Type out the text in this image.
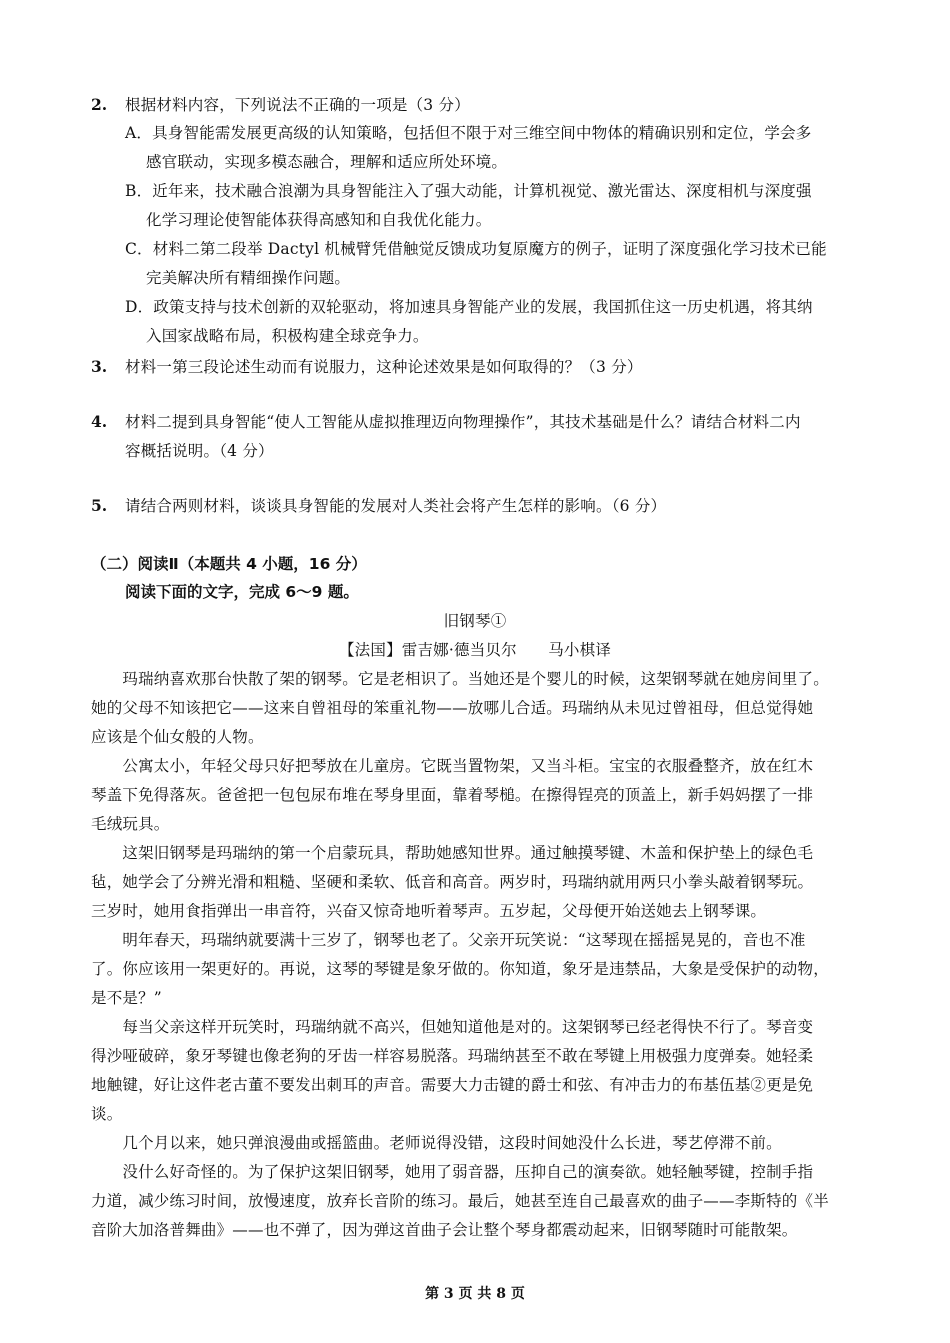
2. 根据材料内容，下列说法不正确的一项是（3 分）
A．具身智能需发展更高级的认知策略，包括但不限于对三维空间中物体的精确识别和定位，学会多
感官联动，实现多模态融合，理解和适应所处环境。
B．近年来，技术融合浪潮为具身智能注入了强大动能，计算机视觉、激光雷达、深度相机与深度强
化学习理论使智能体获得高感知和自我优化能力。
C．材料二第二段举 Dactyl 机械臂凭借触觉反馈成功复原魔方的例子，证明了深度强化学习技术已能
完美解决所有精细操作问题。
D．政策支持与技术创新的双轮驱动，将加速具身智能产业的发展，我国抓住这一历史机遇，将其纳
入国家战略布局，积极构建全球竞争力。
3. 材料一第三段论述生动而有说服力，这种论述效果是如何取得的？（3 分）
4. 材料二提到具身智能“使人工智能从虚拟推理迈向物理操作”，其技术基础是什么？请结合材料二内
容概括说明。（4 分）
5. 请结合两则材料，谈谈具身智能的发展对人类社会将产生怎样的影响。（6 分）
（二）阅读Ⅱ（本题共 4 小题，16 分）
阅读下面的文字，完成 6～9 题。
旧钢琴①
【法国】雷吉娜·德当贝尔　　马小棋译
　　玛瑞纳喜欢那台快散了架的钢琴。它是老相识了。当她还是个婴儿的时候，这架钢琴就在她房间里了。
她的父母不知该把它——这来自曾祖母的笨重礼物——放哪儿合适。玛瑞纳从未见过曾祖母，但总觉得她
应该是个仙女般的人物。
　　公寓太小，年轻父母只好把琴放在儿童房。它既当置物架，又当斗柜。宝宝的衣服叠整齐，放在红木
琴盖下免得落灰。爸爸把一包包尿布堆在琴身里面，靠着琴槌。在擦得锃亮的顶盖上，新手妈妈摆了一排
毛绒玩具。
　　这架旧钢琴是玛瑞纳的第一个启蒙玩具，帮助她感知世界。通过触摸琴键、木盖和保护垫上的绿色毛
毡，她学会了分辨光滑和粗糙、坚硬和柔软、低音和高音。两岁时，玛瑞纳就用两只小拳头敲着钢琴玩。
三岁时，她用食指弹出一串音符，兴奋又惊奇地听着琴声。五岁起，父母便开始送她去上钢琴课。
　　明年春天，玛瑞纳就要满十三岁了，钢琴也老了。父亲开玩笑说：“这琴现在摇摇晃晃的，音也不准
了。你应该用一架更好的。再说，这琴的琴键是象牙做的。你知道，象牙是违禁品，大象是受保护的动物，
是不是？”
　　每当父亲这样开玩笑时，玛瑞纳就不高兴，但她知道他是对的。这架钢琴已经老得快不行了。琴音变
得沙哑破碎，象牙琴键也像老狗的牙齿一样容易脱落。玛瑞纳甚至不敢在琴键上用极强力度弹奏。她轻柔
地触键，好让这件老古董不要发出刺耳的声音。需要大力击键的爵士和弦、有冲击力的布基伍基②更是免
谈。
　　几个月以来，她只弹浪漫曲或摇篮曲。老师说得没错，这段时间她没什么长进，琴艺停滞不前。
　　没什么好奇怪的。为了保护这架旧钢琴，她用了弱音器，压抑自己的演奏欲。她轻触琴键，控制手指
力道，减少练习时间，放慢速度，放弃长音阶的练习。最后，她甚至连自己最喜欢的曲子——李斯特的《半
音阶大加洛普舞曲》——也不弹了，因为弹这首曲子会让整个琴身都震动起来，旧钢琴随时可能散架。
第 3 页 共 8 页
